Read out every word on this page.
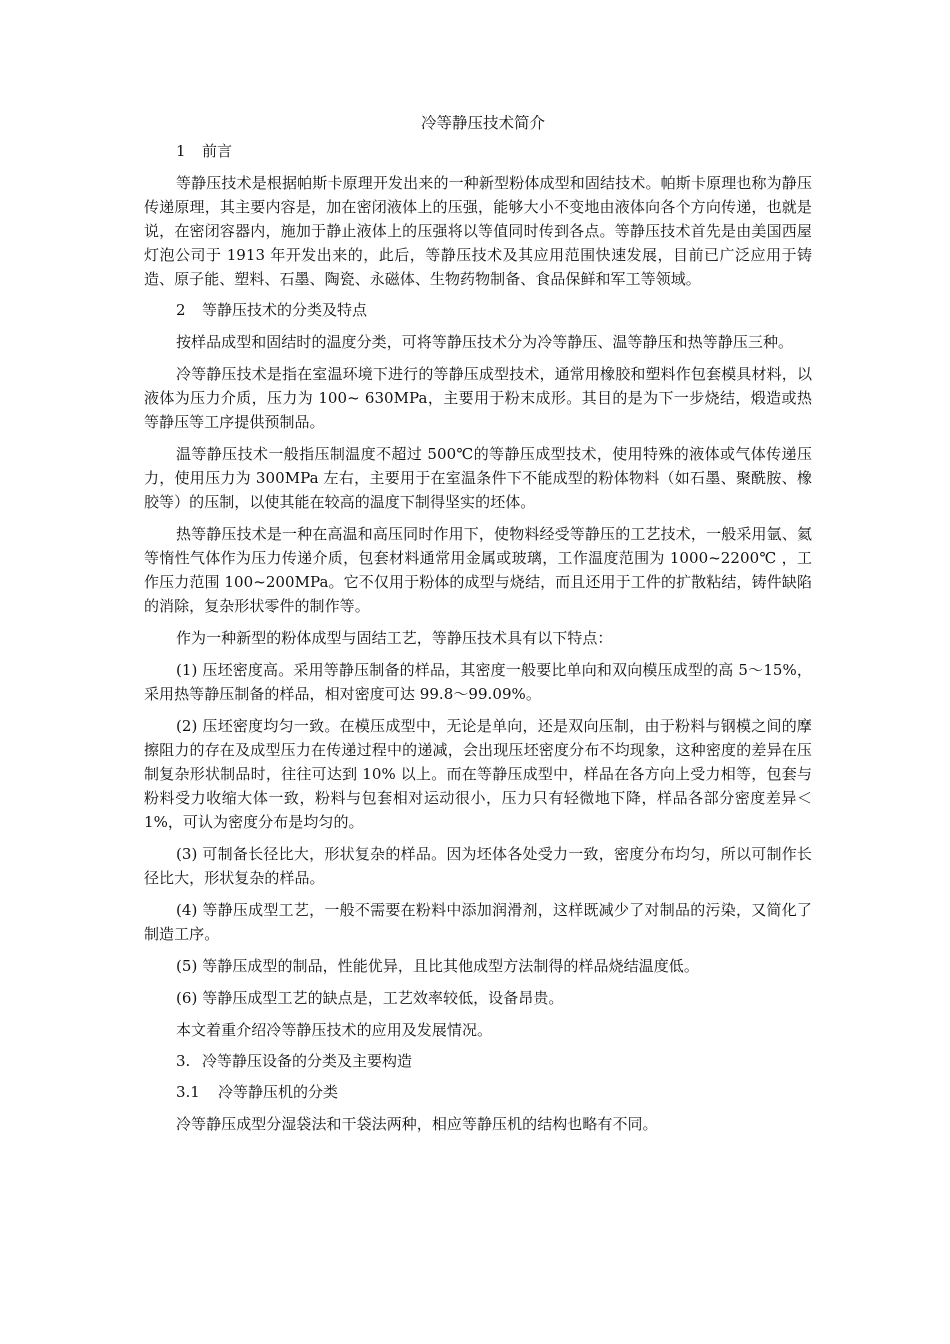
冷等静压技术简介
1 前言
等静压技术是根据帕斯卡原理开发出来的一种新型粉体成型和固结技术。帕斯卡原理也称为静压传递原理，其主要内容是，加在密闭液体上的压强，能够大小不变地由液体向各个方向传递，也就是说，在密闭容器内，施加于静止液体上的压强将以等值同时传到各点。等静压技术首先是由美国西屋灯泡公司于 1913 年开发出来的，此后，等静压技术及其应用范围快速发展，目前已广泛应用于铸造、原子能、塑料、石墨、陶瓷、永磁体、生物药物制备、食品保鲜和军工等领域。
2 等静压技术的分类及特点
按样品成型和固结时的温度分类，可将等静压技术分为冷等静压、温等静压和热等静压三种。
冷等静压技术是指在室温环境下进行的等静压成型技术，通常用橡胶和塑料作包套模具材料，以液体为压力介质，压力为 100~ 630MPa，主要用于粉末成形。其目的是为下一步烧结，煅造或热等静压等工序提供预制品。
温等静压技术一般指压制温度不超过 500℃的等静压成型技术，使用特殊的液体或气体传递压力，使用压力为 300MPa 左右，主要用于在室温条件下不能成型的粉体物料（如石墨、聚酰胺、橡胶等）的压制，以使其能在较高的温度下制得坚实的坯体。
热等静压技术是一种在高温和高压同时作用下，使物料经受等静压的工艺技术，一般采用氩、氦等惰性气体作为压力传递介质，包套材料通常用金属或玻璃，工作温度范围为 1000~2200℃ ，工作压力范围 100~200MPa。它不仅用于粉体的成型与烧结，而且还用于工件的扩散粘结，铸件缺陷的消除，复杂形状零件的制作等。
作为一种新型的粉体成型与固结工艺，等静压技术具有以下特点：
(1) 压坯密度高。采用等静压制备的样品，其密度一般要比单向和双向模压成型的高 5～15%，采用热等静压制备的样品，相对密度可达 99.8～99.09%。
(2) 压坯密度均匀一致。在模压成型中，无论是单向，还是双向压制，由于粉料与钢模之间的摩擦阻力的存在及成型压力在传递过程中的递减，会出现压坯密度分布不均现象，这种密度的差异在压制复杂形状制品时，往往可达到 10% 以上。而在等静压成型中，样品在各方向上受力相等，包套与粉料受力收缩大体一致，粉料与包套相对运动很小，压力只有轻微地下降，样品各部分密度差异＜1%，可认为密度分布是均匀的。
(3) 可制备长径比大，形状复杂的样品。因为坯体各处受力一致，密度分布均匀，所以可制作长径比大，形状复杂的样品。
(4) 等静压成型工艺，一般不需要在粉料中添加润滑剂，这样既减少了对制品的污染，又简化了制造工序。
(5) 等静压成型的制品，性能优异，且比其他成型方法制得的样品烧结温度低。
(6) 等静压成型工艺的缺点是，工艺效率较低，设备昂贵。
本文着重介绍冷等静压技术的应用及发展情况。
3. 冷等静压设备的分类及主要构造
3.1 冷等静压机的分类
冷等静压成型分湿袋法和干袋法两种，相应等静压机的结构也略有不同。
